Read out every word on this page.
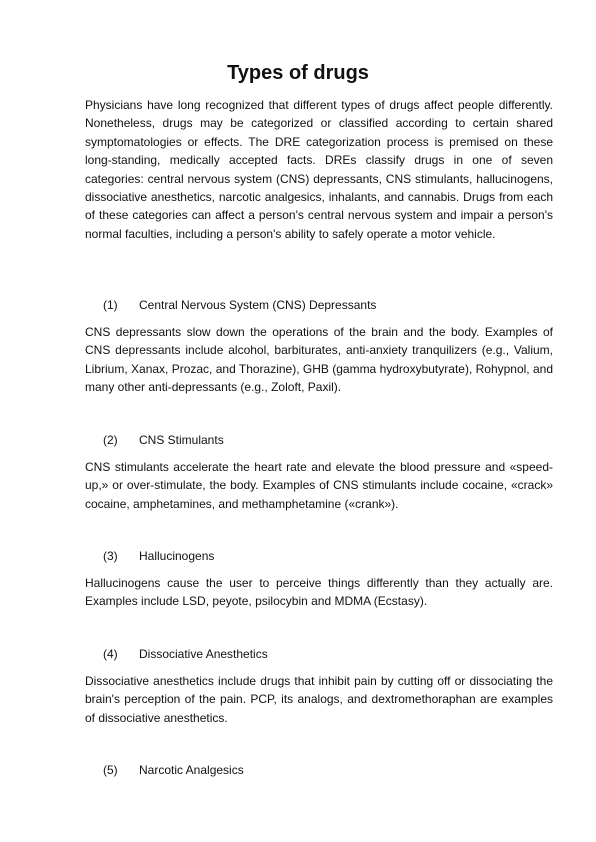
Types of drugs

Physicians have long recognized that different types of drugs affect people differently. Nonetheless, drugs may be categorized or classified according to certain shared symptomatologies or effects. The DRE categorization process is premised on these long-standing, medically accepted facts. DREs classify drugs in one of seven categories: central nervous system (CNS) depressants, CNS stimulants, hallucinogens, dissociative anesthetics, narcotic analgesics, inhalants, and cannabis. Drugs from each of these categories can affect a person's central nervous system and impair a person's normal faculties, including a person's ability to safely operate a motor vehicle.

(1) Central Nervous System (CNS) Depressants

CNS depressants slow down the operations of the brain and the body. Examples of CNS depressants include alcohol, barbiturates, anti-anxiety tranquilizers (e.g., Valium, Librium, Xanax, Prozac, and Thorazine), GHB (gamma hydroxybutyrate), Rohypnol, and many other anti-depressants (e.g., Zoloft, Paxil).

(2) CNS Stimulants

CNS stimulants accelerate the heart rate and elevate the blood pressure and «speed-up,» or over-stimulate, the body. Examples of CNS stimulants include cocaine, «crack» cocaine, amphetamines, and methamphetamine («crank»).

(3) Hallucinogens

Hallucinogens cause the user to perceive things differently than they actually are. Examples include LSD, peyote, psilocybin and MDMA (Ecstasy).

(4) Dissociative Anesthetics

Dissociative anesthetics include drugs that inhibit pain by cutting off or dissociating the brain's perception of the pain. PCP, its analogs, and dextromethoraphan are examples of dissociative anesthetics.

(5) Narcotic Analgesics
